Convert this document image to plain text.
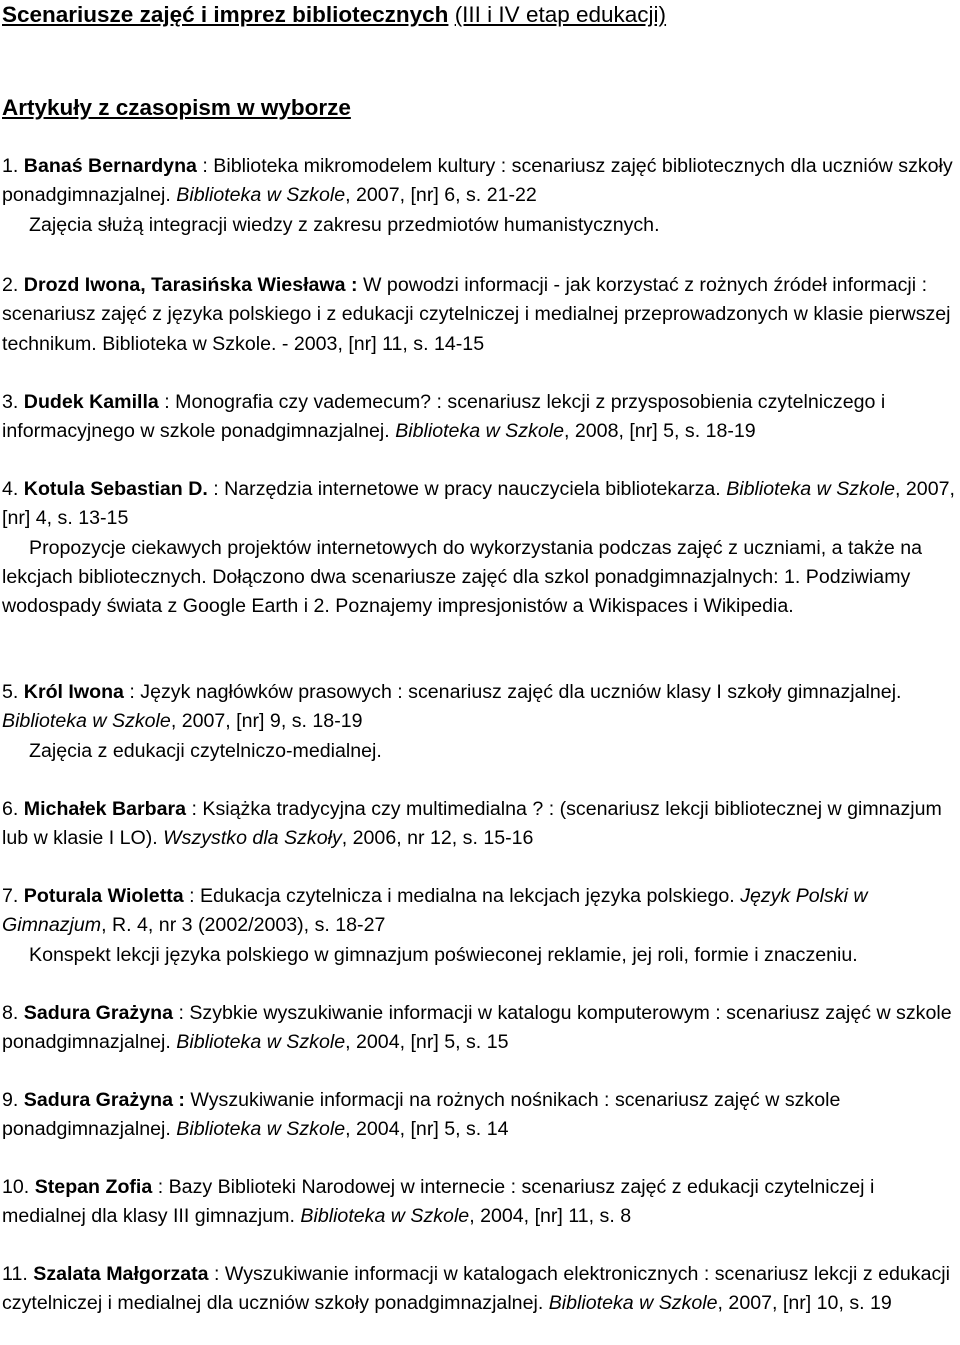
Scenariusze zajęć i imprez bibliotecznych (III i IV etap edukacji)
Artykuły z czasopism w wyborze

1. Banaś Bernardyna : Biblioteka mikromodelem kultury : scenariusz zajęć bibliotecznych dla uczniów szkoły ponadgimnazjalnej. Biblioteka w Szkole, 2007, [nr] 6, s. 21-22
Zajęcia służą integracji wiedzy z zakresu przedmiotów humanistycznych.

2. Drozd Iwona, Tarasińska Wiesława : W powodzi informacji - jak korzystać z rożnych źródeł informacji : scenariusz zajęć z języka polskiego i z edukacji czytelniczej i medialnej przeprowadzonych w klasie pierwszej technikum. Biblioteka w Szkole. - 2003, [nr] 11, s. 14-15

3. Dudek Kamilla : Monografia czy vademecum? : scenariusz lekcji z przysposobienia czytelniczego i informacyjnego w szkole ponadgimnazjalnej. Biblioteka w Szkole, 2008, [nr] 5, s. 18-19

4. Kotula Sebastian D. : Narzędzia internetowe w pracy nauczyciela bibliotekarza. Biblioteka w Szkole, 2007, [nr] 4, s. 13-15
Propozycje ciekawych projektów internetowych do wykorzystania podczas zajęć z uczniami, a także na lekcjach bibliotecznych. Dołączono dwa scenariusze zajęć dla szkol ponadgimnazjalnych: 1. Podziwiamy wodospady świata z Google Earth i 2. Poznajemy impresjonistów a Wikispaces i Wikipedia.

5. Król Iwona : Język nagłówków prasowych : scenariusz zajęć dla uczniów klasy I szkoły gimnazjalnej. Biblioteka w Szkole, 2007, [nr] 9, s. 18-19
Zajęcia z edukacji czytelniczo-medialnej.

6. Michałek Barbara : Książka tradycyjna czy multimedialna ? : (scenariusz lekcji bibliotecznej w gimnazjum lub w klasie I LO). Wszystko dla Szkoły, 2006, nr 12, s. 15-16

7. Poturala Wioletta : Edukacja czytelnicza i medialna na lekcjach języka polskiego. Język Polski w Gimnazjum, R. 4, nr 3 (2002/2003), s. 18-27
Konspekt lekcji języka polskiego w gimnazjum poświeconej reklamie, jej roli, formie i znaczeniu.

8. Sadura Grażyna : Szybkie wyszukiwanie informacji w katalogu komputerowym : scenariusz zajęć w szkole ponadgimnazjalnej. Biblioteka w Szkole, 2004, [nr] 5, s. 15

9. Sadura Grażyna : Wyszukiwanie informacji na rożnych nośnikach : scenariusz zajęć w szkole ponadgimnazjalnej. Biblioteka w Szkole, 2004, [nr] 5, s. 14

10. Stepan Zofia : Bazy Biblioteki Narodowej w internecie : scenariusz zajęć z edukacji czytelniczej i medialnej dla klasy III gimnazjum. Biblioteka w Szkole, 2004, [nr] 11, s. 8

11. Szalata Małgorzata : Wyszukiwanie informacji w katalogach elektronicznych : scenariusz lekcji z edukacji czytelniczej i medialnej dla uczniów szkoły ponadgimnazjalnej. Biblioteka w Szkole, 2007, [nr] 10, s. 19
